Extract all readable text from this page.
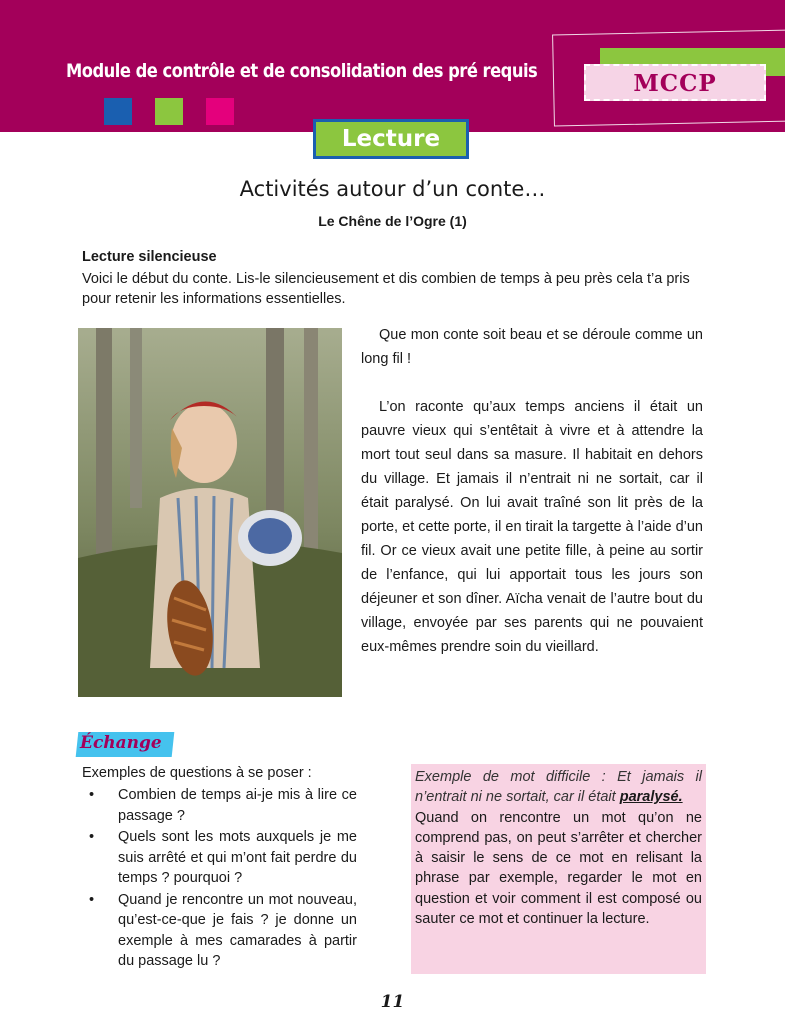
Module de contrôle et de consolidation des pré requis	MCCP
Lecture
Activités autour d’un conte…
Le Chêne de l’Ogre (1)
Lecture silencieuse
Voici le début du conte. Lis-le silencieusement et dis combien de temps à peu près cela t’a pris pour retenir les informations essentielles.

Que mon conte soit beau et se déroule comme un long fil !

L’on raconte qu’aux temps anciens il était un pauvre vieux qui s’entêtait à vivre et à attendre la mort tout seul dans sa masure. Il habitait en dehors du village. Et jamais il n’entrait ni ne sortait, car il était paralysé. On lui avait traîné son lit près de la porte, et cette porte, il en tirait la targette à l’aide d’un fil. Or ce vieux avait une petite fille, à peine au sortir de l’enfance, qui lui apportait tous les jours son déjeuner et son dîner. Aïcha venait de l’autre bout du village, envoyée par ses parents qui ne pouvaient eux-mêmes prendre soin du vieillard.

Échange
Exemples de questions à se poser :
• Combien de temps ai-je mis à lire ce passage ?
• Quels sont les mots auxquels je me suis arrêté et qui m’ont fait perdre du temps ? pourquoi ?
• Quand je rencontre un mot nouveau, qu’est-ce-que je fais ? je donne un exemple à mes camarades à partir du passage lu ?
Exemple de mot difficile : Et jamais il n’entrait ni ne sortait, car il était paralysé.
Quand on rencontre un mot qu’on ne comprend pas, on peut s’arrêter et chercher à saisir le sens de ce mot en relisant la phrase par exemple, regarder le mot en question et voir comment il est composé ou sauter ce mot et continuer la lecture.
11
